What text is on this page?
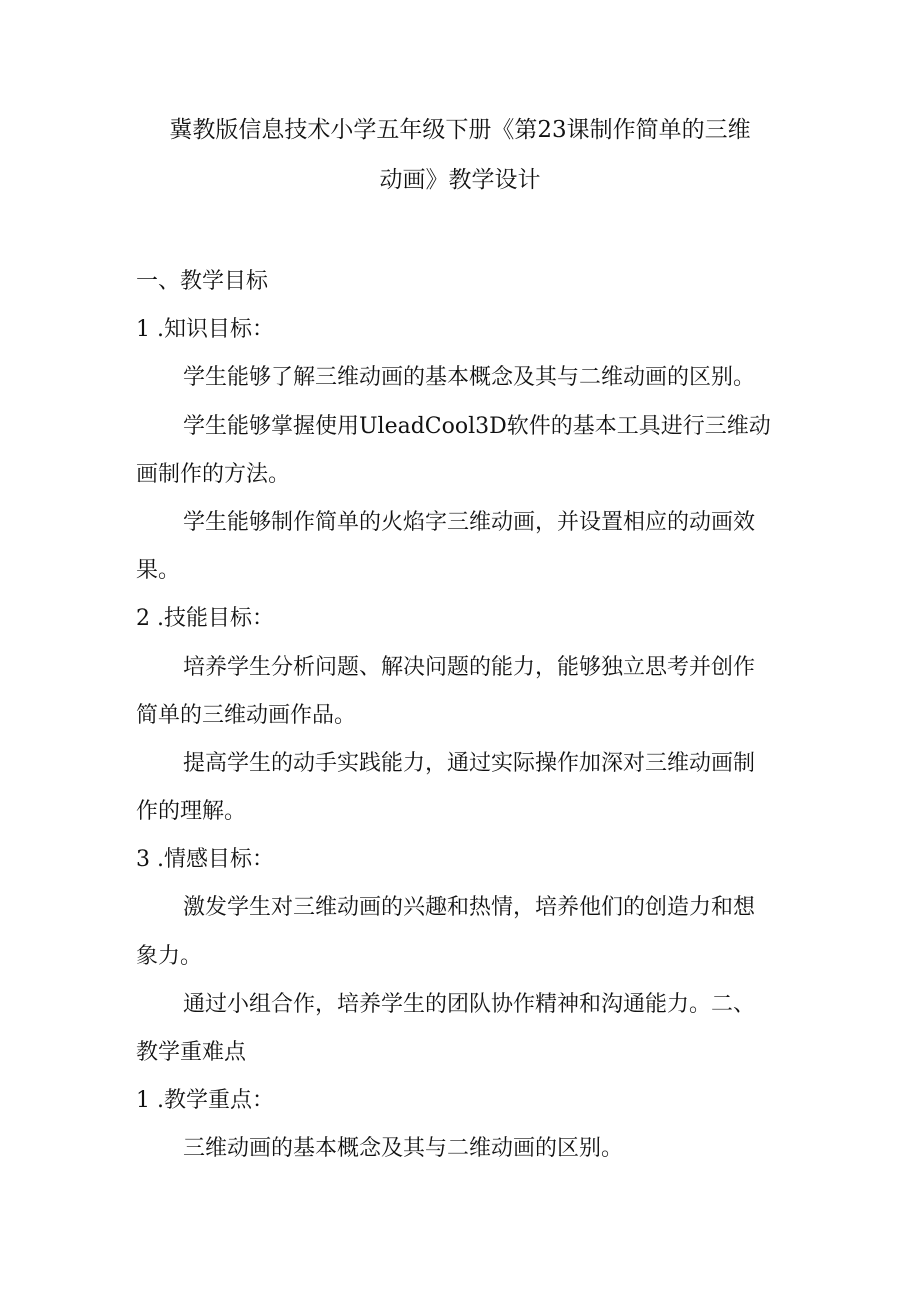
冀教版信息技术小学五年级下册《第23课制作简单的三维
动画》教学设计
一、教学目标
1 .知识目标：
学生能够了解三维动画的基本概念及其与二维动画的区别。
学生能够掌握使用UleadCool3D软件的基本工具进行三维动
画制作的方法。
学生能够制作简单的火焰字三维动画，并设置相应的动画效
果。
2 .技能目标：
培养学生分析问题、解决问题的能力，能够独立思考并创作
简单的三维动画作品。
提高学生的动手实践能力，通过实际操作加深对三维动画制
作的理解。
3 .情感目标：
激发学生对三维动画的兴趣和热情，培养他们的创造力和想
象力。
通过小组合作，培养学生的团队协作精神和沟通能力。二、
教学重难点
1 .教学重点：
三维动画的基本概念及其与二维动画的区别。
